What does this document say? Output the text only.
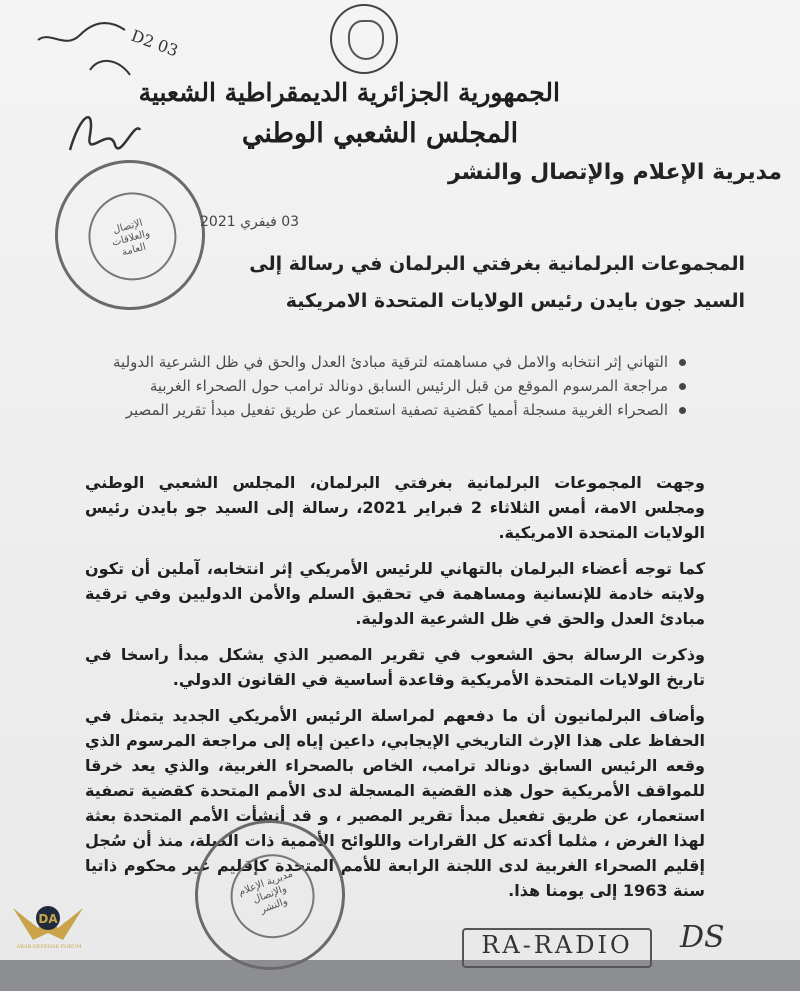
D2 03
الجمهورية الجزائرية الديمقراطية الشعبية
المجلس الشعبي الوطني
مديرية الإعلام والإتصال والنشر
الإتصال والعلاقات العامة
03 فيفري 2021
المجموعات البرلمانية بغرفتي البرلمان في رسالة إلى
السيد جون بايدن رئيس الولايات المتحدة الامريكية
التهاني إثر انتخابه والامل في مساهمته لترقية مبادئ العدل والحق في ظل الشرعية الدولية
مراجعة المرسوم الموقع من قبل الرئيس السابق دونالد ترامب حول الصحراء الغربية
الصحراء الغربية مسجلة أمميا كقضية تصفية استعمار عن طريق تفعيل مبدأ تقرير المصير

وجهت المجموعات البرلمانية بغرفتي البرلمان، المجلس الشعبي الوطني ومجلس الامة، أمس الثلاثاء 2 فبراير 2021، رسالة إلى السيد جو بايدن رئيس الولايات المتحدة الامريكية.

كما توجه أعضاء البرلمان بالتهاني للرئيس الأمريكي إثر انتخابه، آملين أن تكون ولايته خادمة للإنسانية ومساهمة في تحقيق السلم والأمن الدوليين وفي ترقية مبادئ العدل والحق في ظل الشرعية الدولية.

وذكرت الرسالة بحق الشعوب في تقرير المصير الذي يشكل مبدأ راسخا في تاريخ الولايات المتحدة الأمريكية وقاعدة أساسية في القانون الدولي.

وأضاف البرلمانيون أن ما دفعهم لمراسلة الرئيس الأمريكي الجديد يتمثل في الحفاظ على هذا الإرث التاريخي الإيجابي، داعين إياه إلى مراجعة المرسوم الذي وقعه الرئيس السابق دونالد ترامب، الخاص بالصحراء الغربية، والذي يعد خرقا للمواقف الأمريكية حول هذه القضية المسجلة لدى الأمم المتحدة كقضية تصفية استعمار، عن طريق تفعيل مبدأ تقرير المصير ، و قد أنشأت الأمم المتحدة بعثة لهذا الغرض ، مثلما أكدته كل القرارات واللوائح الأممية ذات الصلة، منذ أن سُجل إقليم الصحراء الغربية لدى اللجنة الرابعة للأمم المتحدة كإقليم غير محكوم ذاتيا سنة 1963 إلى يومنا هذا.

مديرية الإعلام والإتصال والنشر
RA-RADIO	DS
DA
ARAB DEFENSE FORUM
